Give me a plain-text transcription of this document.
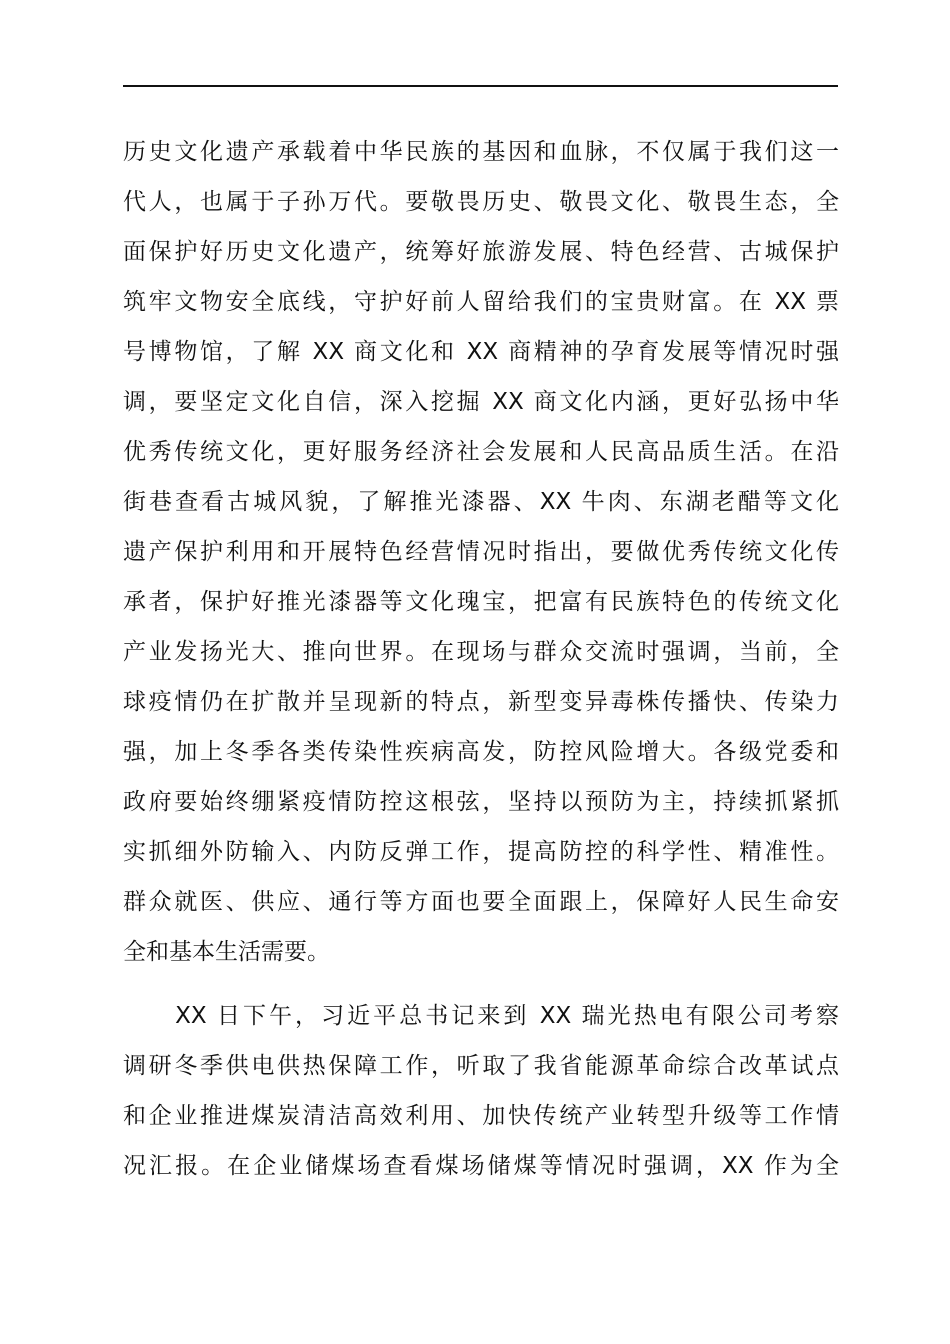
历史文化遗产承载着中华民族的基因和血脉，不仅属于我们这一
代人，也属于子孙万代。要敬畏历史、敬畏文化、敬畏生态，全
面保护好历史文化遗产，统筹好旅游发展、特色经营、古城保护
筑牢文物安全底线，守护好前人留给我们的宝贵财富。在 XX 票
号博物馆，了解 XX 商文化和 XX 商精神的孕育发展等情况时强
调，要坚定文化自信，深入挖掘 XX 商文化内涵，更好弘扬中华
优秀传统文化，更好服务经济社会发展和人民高品质生活。在沿
街巷查看古城风貌，了解推光漆器、XX 牛肉、东湖老醋等文化
遗产保护利用和开展特色经营情况时指出，要做优秀传统文化传
承者，保护好推光漆器等文化瑰宝，把富有民族特色的传统文化
产业发扬光大、推向世界。在现场与群众交流时强调，当前，全
球疫情仍在扩散并呈现新的特点，新型变异毒株传播快、传染力
强，加上冬季各类传染性疾病高发，防控风险增大。各级党委和
政府要始终绷紧疫情防控这根弦，坚持以预防为主，持续抓紧抓
实抓细外防输入、内防反弹工作，提高防控的科学性、精准性。
群众就医、供应、通行等方面也要全面跟上，保障好人民生命安
全和基本生活需要。
　　XX 日下午，习近平总书记来到 XX 瑞光热电有限公司考察
调研冬季供电供热保障工作，听取了我省能源革命综合改革试点
和企业推进煤炭清洁高效利用、加快传统产业转型升级等工作情
况汇报。在企业储煤场查看煤场储煤等情况时强调，XX 作为全
